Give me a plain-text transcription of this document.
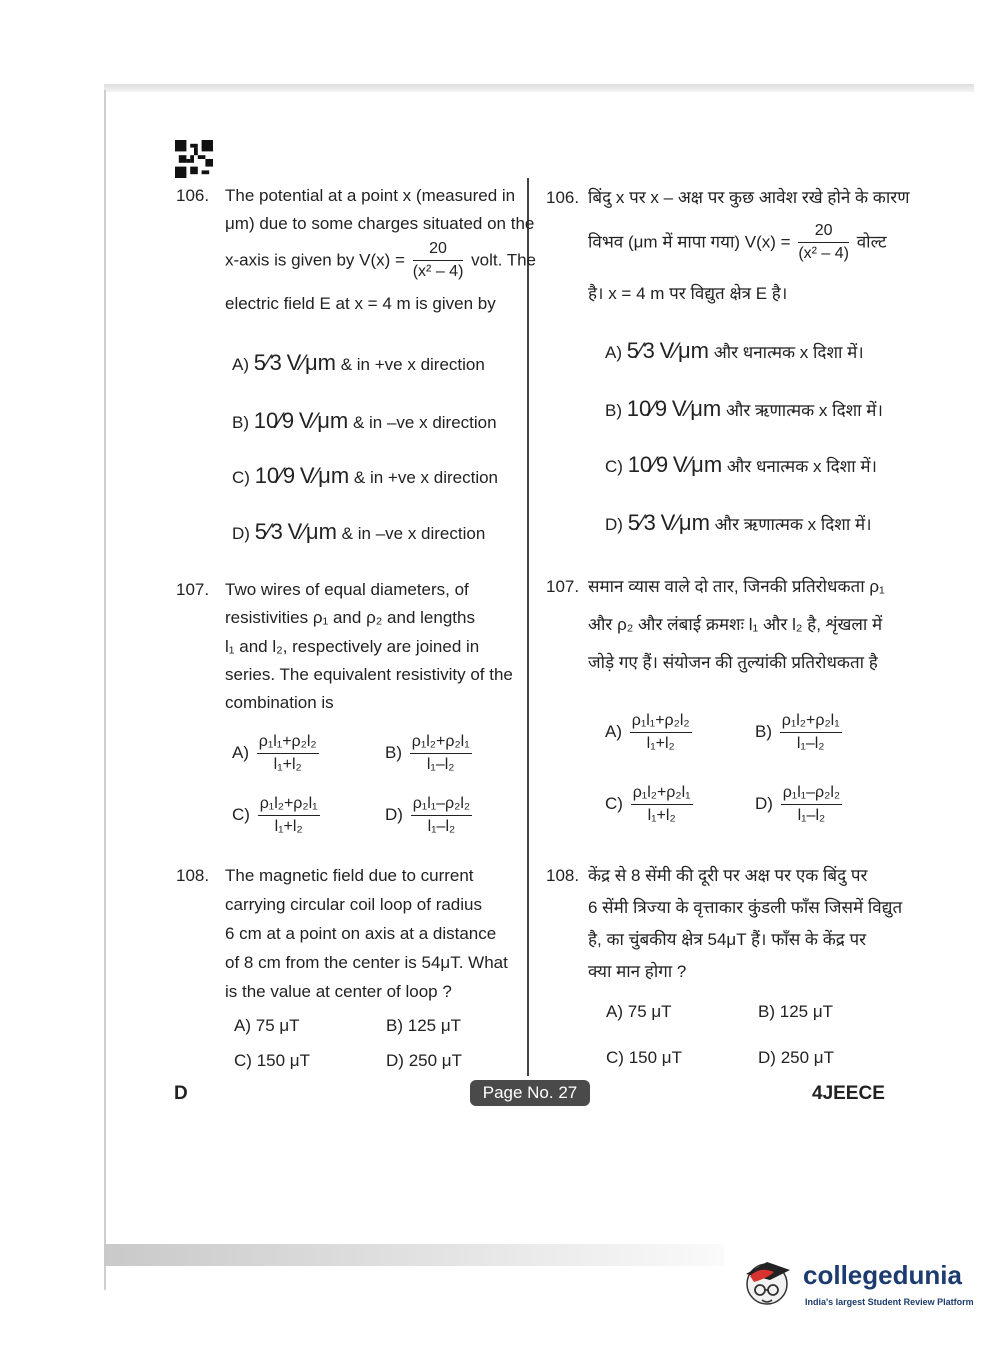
106. The potential at a point x (measured in
μm) due to some charges situated on the
x-axis is given by $V(x) = \frac{20}{\text{(x² – 4)}}$ volt. The
electric field E at x = 4 m is given by
A) 5⁄3 V⁄μm & in +ve x direction
B) 10⁄9 V⁄μm & in –ve x direction
C) 10⁄9 V⁄μm & in +ve x direction
D) 5⁄3 V⁄μm & in –ve x direction
106. बिंदु x पर x – अक्ष पर कुछ आवेश रखे होने के कारण
विभव (μm में मापा गया) $V(x) = \frac{20}{\text{(x² – 4)}}$ वोल्ट
है। x = 4 m पर विद्युत क्षेत्र E है।
A) 5⁄3 V⁄μm और धनात्मक x दिशा में।
B) 10⁄9 V⁄μm और ऋणात्मक x दिशा में।
C) 10⁄9 V⁄μm और धनात्मक x दिशा में।
D) 5⁄3 V⁄μm और ऋणात्मक x दिशा में।
107. Two wires of equal diameters, of
resistivities ρ₁ and ρ₂ and lengths
l₁ and l₂, respectively are joined in
series. The equivalent resistivity of the
combination is
$A) \frac{\text{ρ₁l₁+ρ₂l₂}}{\text{l₁+l₂}}$	$B) \frac{\text{ρ₁l₂+ρ₂l₁}}{\text{l₁–l₂}}$
$C) \frac{\text{ρ₁l₂+ρ₂l₁}}{\text{l₁+l₂}}$	$D) \frac{\text{ρ₁l₁–ρ₂l₂}}{\text{l₁–l₂}}$
107. समान व्यास वाले दो तार, जिनकी प्रतिरोधकता ρ₁
और ρ₂ और लंबाई क्रमशः l₁ और l₂ है, शृंखला में
जोड़े गए हैं। संयोजन की तुल्यांकी प्रतिरोधकता है
$A) \frac{\text{ρ₁l₁+ρ₂l₂}}{\text{l₁+l₂}}$	$B) \frac{\text{ρ₁l₂+ρ₂l₁}}{\text{l₁–l₂}}$
$C) \frac{\text{ρ₁l₂+ρ₂l₁}}{\text{l₁+l₂}}$	$D) \frac{\text{ρ₁l₁–ρ₂l₂}}{\text{l₁–l₂}}$
108. The magnetic field due to current
carrying circular coil loop of radius
6 cm at a point on axis at a distance
of 8 cm from the center is 54μT. What
is the value at center of loop ?
A) 75 μT	B) 125 μT
C) 150 μT	D) 250 μT
108. केंद्र से 8 सेंमी की दूरी पर अक्ष पर एक बिंदु पर
6 सेंमी त्रिज्या के वृत्ताकार कुंडली फाँस जिसमें विद्युत
है, का चुंबकीय क्षेत्र 54μT हैं। फाँस के केंद्र पर
क्या मान होगा ?
A) 75 μT	B) 125 μT
C) 150 μT	D) 250 μT
D	Page No. 27	4JEECE
collegedunia
India's largest Student Review Platform
